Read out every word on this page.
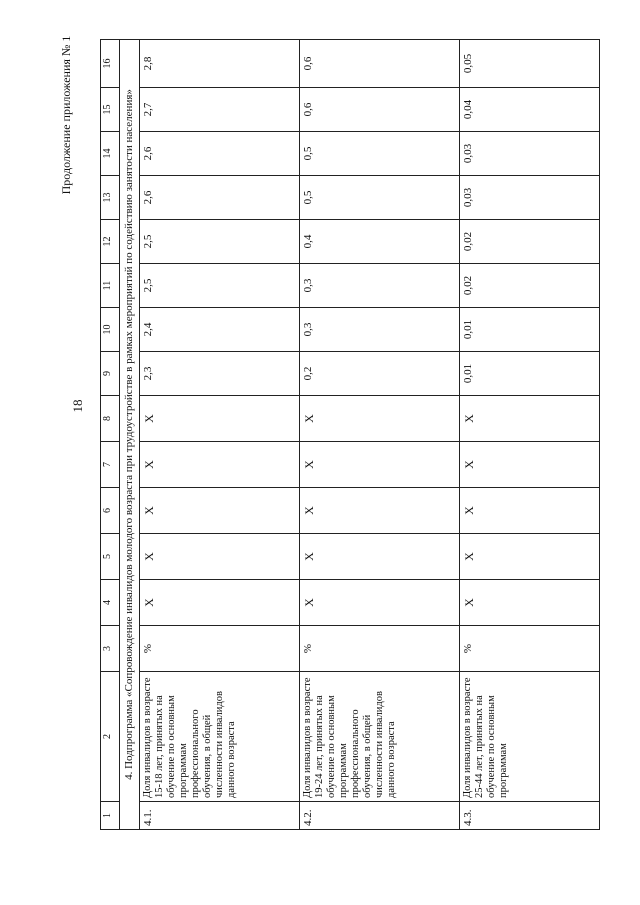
18
Продолжение приложения № 1
1	2	3	4	5	6	7	8	9	10	11	12	13	14	15	16
4. Подпрограмма «Сопровождение инвалидов молодого возраста при трудоустройстве в рамках мероприятий по содействию занятости населения»															
4.1.	Доля инвалидов в возрасте 15-18 лет, принятых на обучение по основным программам профессионального обучения, в общей численности инвалидов данного возраста	%	Х	Х	Х	Х	Х	2,3	2,4	2,5	2,5	2,6	2,6	2,7	2,8
4.2.	Доля инвалидов в возрасте 19-24 лет, принятых на обучение по основным программам профессионального обучения, в общей численности инвалидов данного возраста	%	Х	Х	Х	Х	Х	0,2	0,3	0,3	0,4	0,5	0,5	0,6	0,6
4.3.	Доля инвалидов в возрасте 25-44 лет, принятых на обучение по основным программам	%	Х	Х	Х	Х	Х	0,01	0,01	0,02	0,02	0,03	0,03	0,04	0,05
